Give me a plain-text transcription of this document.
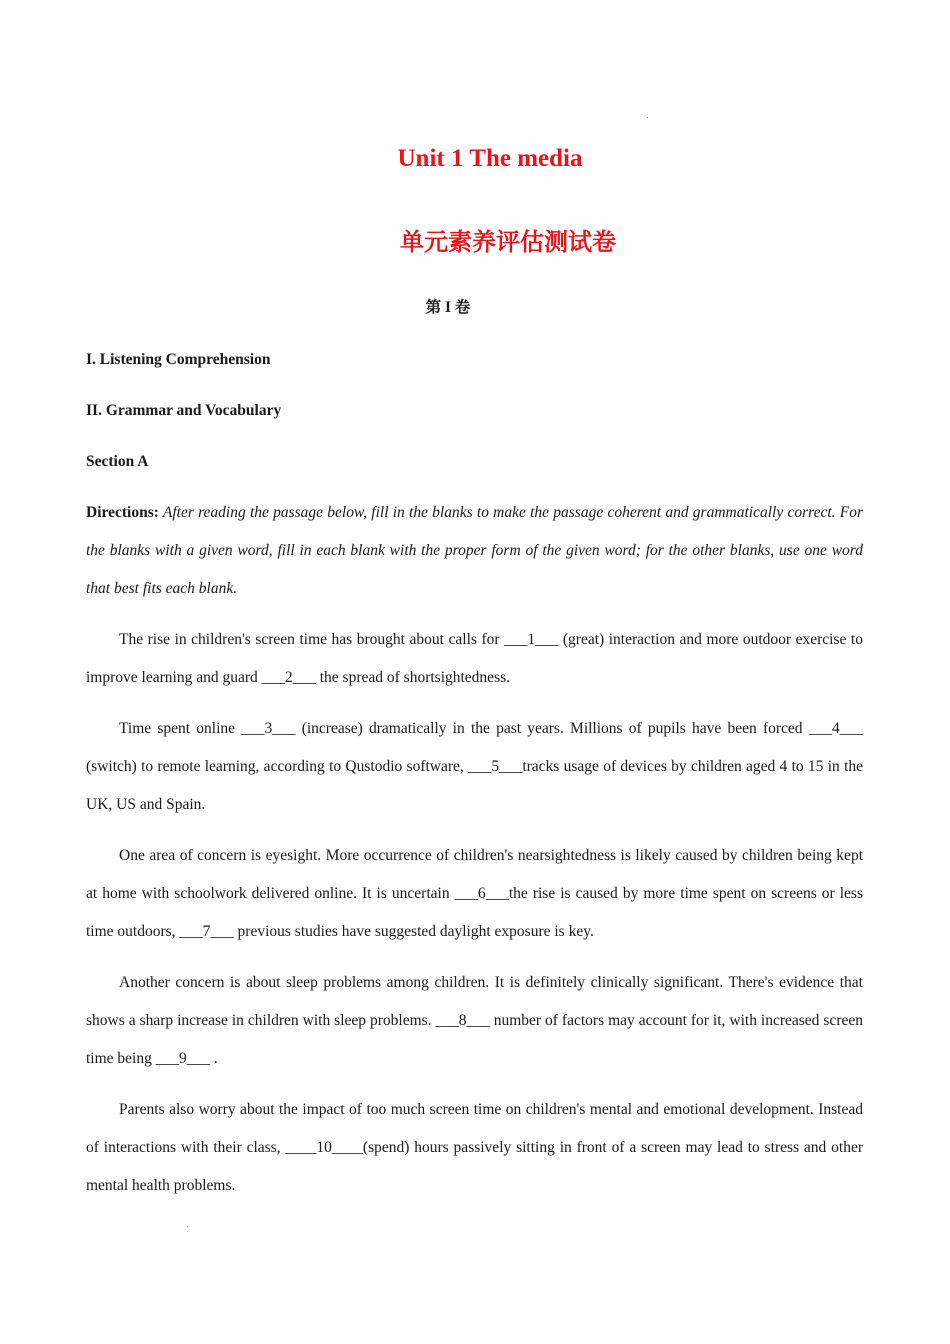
Unit 1 The media
单元素养评估测试卷
第 I 卷

I. Listening Comprehension

II. Grammar and Vocabulary

Section A

Directions: After reading the passage below, fill in the blanks to make the passage coherent and grammatically correct. For the blanks with a given word, fill in each blank with the proper form of the given word; for the other blanks, use one word that best fits each blank.

The rise in children's screen time has brought about calls for ___1___ (great) interaction and more outdoor exercise to improve learning and guard ___2___ the spread of shortsightedness.

Time spent online ___3___ (increase) dramatically in the past years. Millions of pupils have been forced ___4___ (switch) to remote learning, according to Qustodio software, ___5___tracks usage of devices by children aged 4 to 15 in the UK, US and Spain.

One area of concern is eyesight. More occurrence of children's nearsightedness is likely caused by children being kept at home with schoolwork delivered online. It is uncertain ___6___the rise is caused by more time spent on screens or less time outdoors, ___7___ previous studies have suggested daylight exposure is key.

Another concern is about sleep problems among children. It is definitely clinically significant. There's evidence that shows a sharp increase in children with sleep problems. ___8___ number of factors may account for it, with increased screen time being ___9___ .

Parents also worry about the impact of too much screen time on children's mental and emotional development. Instead of interactions with their class, ____10____(spend) hours passively sitting in front of a screen may lead to stress and other mental health problems.
